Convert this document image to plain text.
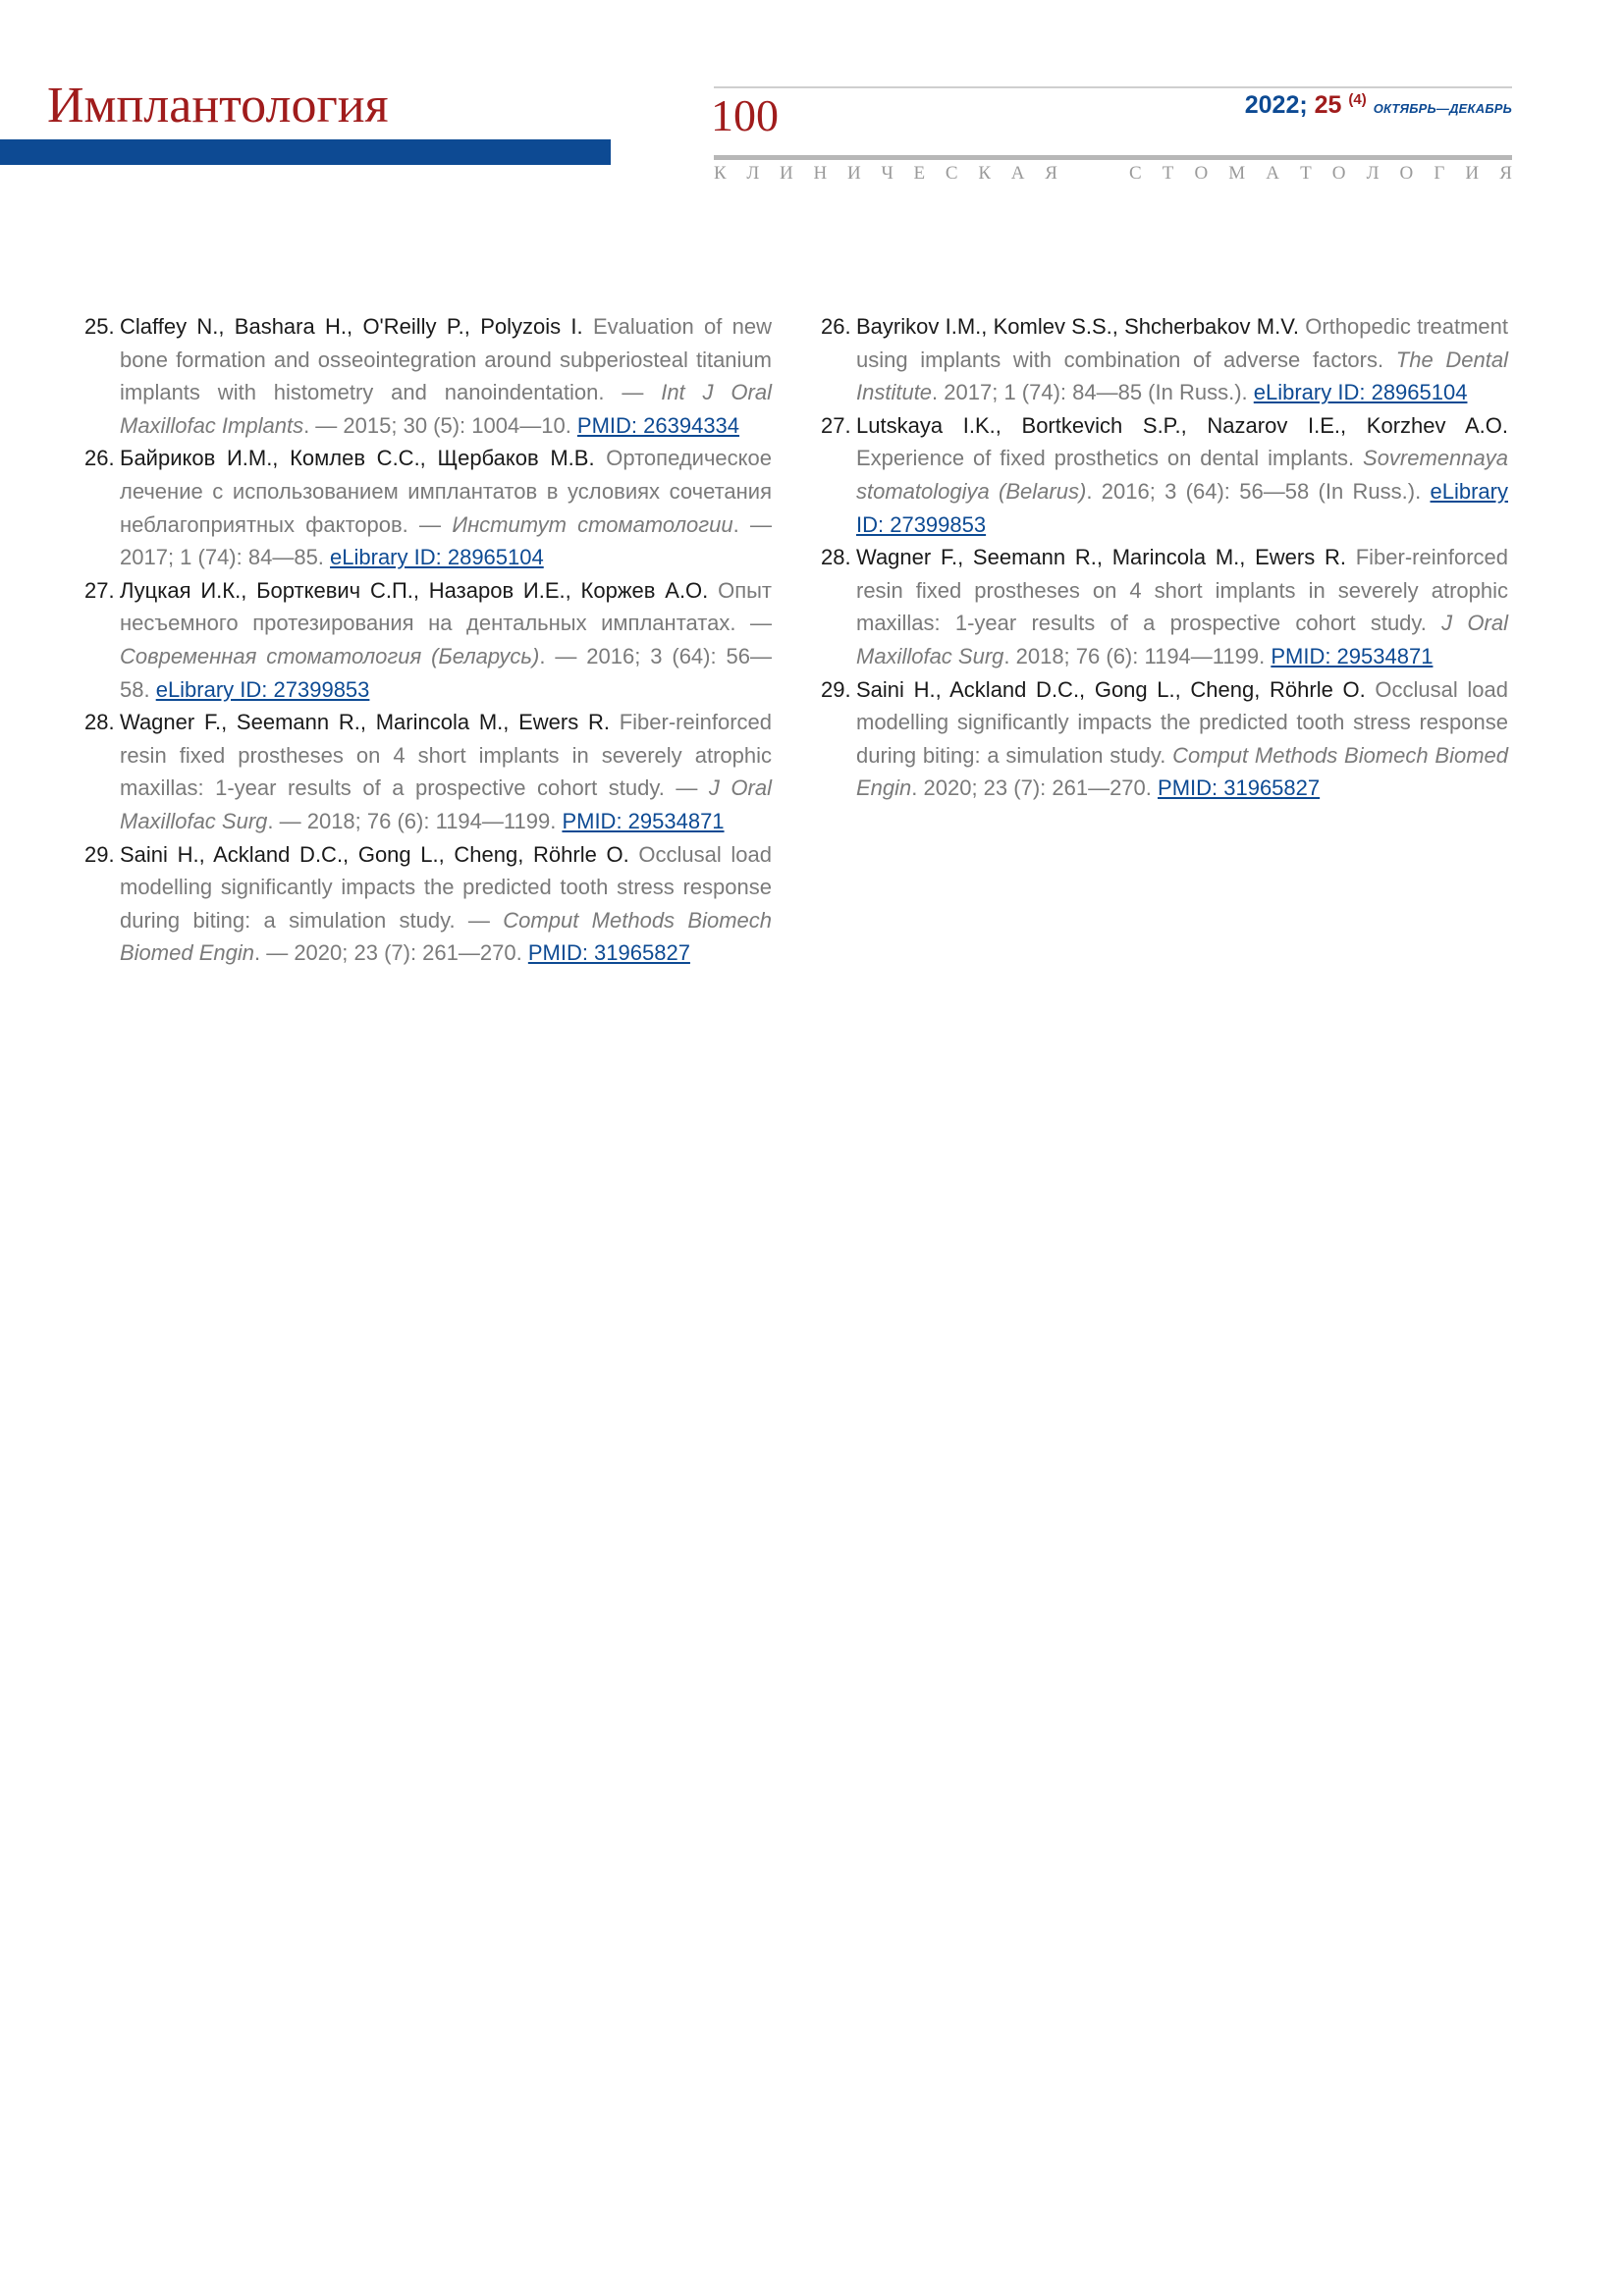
Имплантология	100	2022; 25 $^{(4)}$ ОКТЯБРЬ—ДЕКАБРЬ
К Л И Н И Ч Е С К А Я	С Т О М А Т О Л О Г И Я
25. Claffey N., Bashara H., O'Reilly P., Polyzois I. Evaluation of new bone formation and osseointegration around subperiosteal titanium implants with histometry and nanoindentation. — Int J Oral Maxillofac Implants. — 2015; 30 (5): 1004—10. PMID: 26394334
26. Байриков И.М., Комлев С.С., Щербаков М.В. Ортопедическое лечение с использованием имплантатов в условиях сочетания неблагоприятных факторов. — Институт стоматологии. — 2017; 1 (74): 84—85. eLibrary ID: 28965104
27. Луцкая И.К., Борткевич С.П., Назаров И.Е., Коржев А.О. Опыт несъемного протезирования на дентальных имплантатах. — Современная стоматология (Беларусь). — 2016; 3 (64): 56—58. eLibrary ID: 27399853
28. Wagner F., Seemann R., Marincola M., Ewers R. Fiber-reinforced resin fixed prostheses on 4 short implants in severely atrophic maxillas: 1-year results of a prospective cohort study. — J Oral Maxillofac Surg. — 2018; 76 (6): 1194—1199. PMID: 29534871
29. Saini H., Ackland D.C., Gong L., Cheng, Röhrle O. Occlusal load modelling significantly impacts the predicted tooth stress response during biting: a simulation study. — Comput Methods Biomech Biomed Engin. — 2020; 23 (7): 261—270. PMID: 31965827
26. Bayrikov I.M., Komlev S.S., Shcherbakov M.V. Orthopedic treatment using implants with combination of adverse factors. The Dental Institute. 2017; 1 (74): 84—85 (In Russ.). eLibrary ID: 28965104
27. Lutskaya I.K., Bortkevich S.P., Nazarov I.E., Korzhev A.O. Experience of fixed prosthetics on dental implants. Sovremennaya stomatologiya (Belarus). 2016; 3 (64): 56—58 (In Russ.). eLibrary ID: 27399853
28. Wagner F., Seemann R., Marincola M., Ewers R. Fiber-reinforced resin fixed prostheses on 4 short implants in severely atrophic maxillas: 1-year results of a prospective cohort study. J Oral Maxillofac Surg. 2018; 76 (6): 1194—1199. PMID: 29534871
29. Saini H., Ackland D.C., Gong L., Cheng, Röhrle O. Occlusal load modelling significantly impacts the predicted tooth stress response during biting: a simulation study. Comput Methods Biomech Biomed Engin. 2020; 23 (7): 261—270. PMID: 31965827
